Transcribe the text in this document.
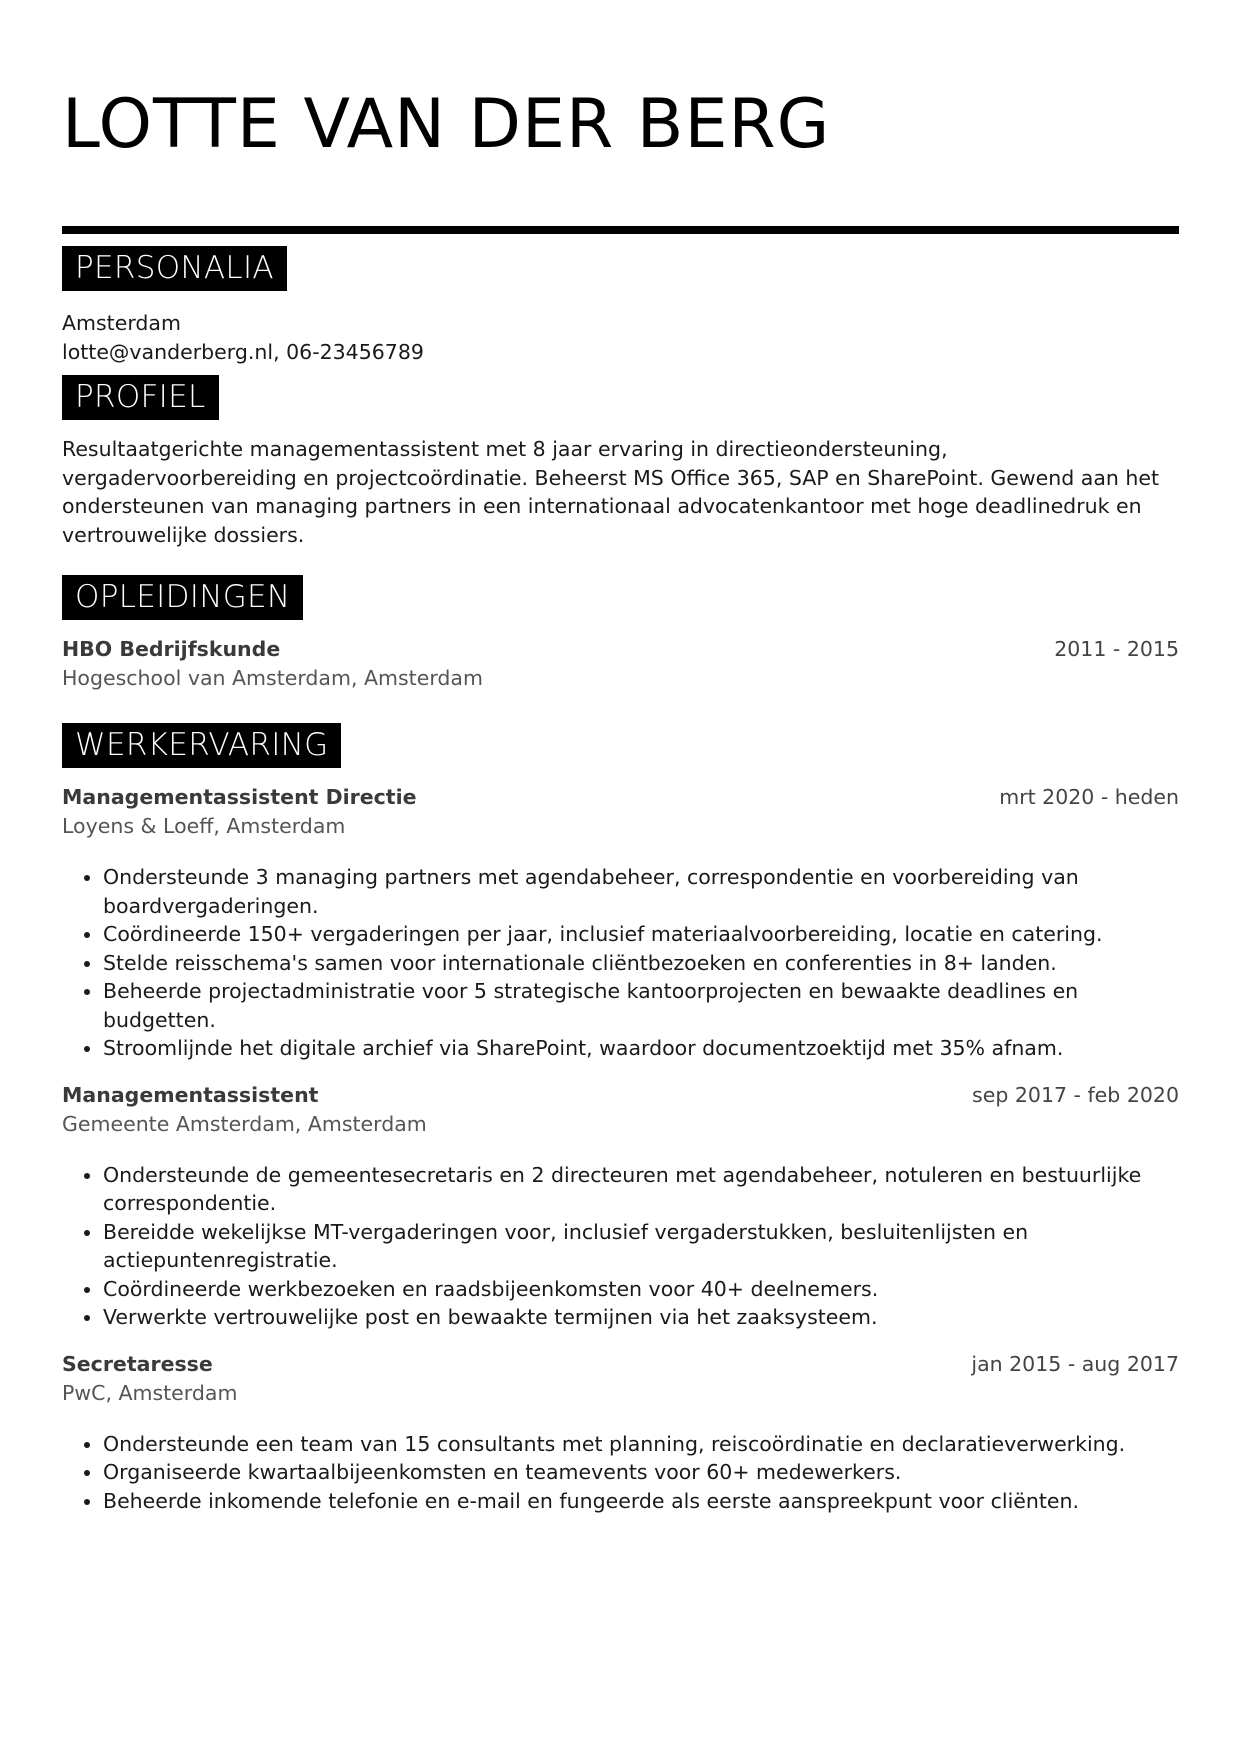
LOTTE VAN DER BERG
PERSONALIA

Amsterdam

lotte@vanderberg.nl, 06-23456789

PROFIEL

Resultaatgerichte managementassistent met 8 jaar ervaring in directieondersteuning, vergadervoorbereiding en projectcoördinatie. Beheerst MS Office 365, SAP en SharePoint. Gewend aan het ondersteunen van managing partners in een internationaal advocatenkantoor met hoge deadlinedruk en vertrouwelijke dossiers.

OPLEIDINGEN
HBO Bedrijfskunde	2011 - 2015
Hogeschool van Amsterdam, Amsterdam
WERKERVARING
Managementassistent Directie	mrt 2020 - heden
Loyens & Loeff, Amsterdam
• Ondersteunde 3 managing partners met agendabeheer, correspondentie en voorbereiding van boardvergaderingen.
• Coördineerde 150+ vergaderingen per jaar, inclusief materiaalvoorbereiding, locatie en catering.
• Stelde reisschema's samen voor internationale cliëntbezoeken en conferenties in 8+ landen.
• Beheerde projectadministratie voor 5 strategische kantoorprojecten en bewaakte deadlines en budgetten.
• Stroomlijnde het digitale archief via SharePoint, waardoor documentzoektijd met 35% afnam.
Managementassistent	sep 2017 - feb 2020
Gemeente Amsterdam, Amsterdam
• Ondersteunde de gemeentesecretaris en 2 directeuren met agendabeheer, notuleren en bestuurlijke correspondentie.
• Bereidde wekelijkse MT-vergaderingen voor, inclusief vergaderstukken, besluitenlijsten en actiepuntenregistratie.
• Coördineerde werkbezoeken en raadsbijeenkomsten voor 40+ deelnemers.
• Verwerkte vertrouwelijke post en bewaakte termijnen via het zaaksysteem.
Secretaresse	jan 2015 - aug 2017
PwC, Amsterdam
• Ondersteunde een team van 15 consultants met planning, reiscoördinatie en declaratieverwerking.
• Organiseerde kwartaalbijeenkomsten en teamevents voor 60+ medewerkers.
• Beheerde inkomende telefonie en e-mail en fungeerde als eerste aanspreekpunt voor cliënten.
